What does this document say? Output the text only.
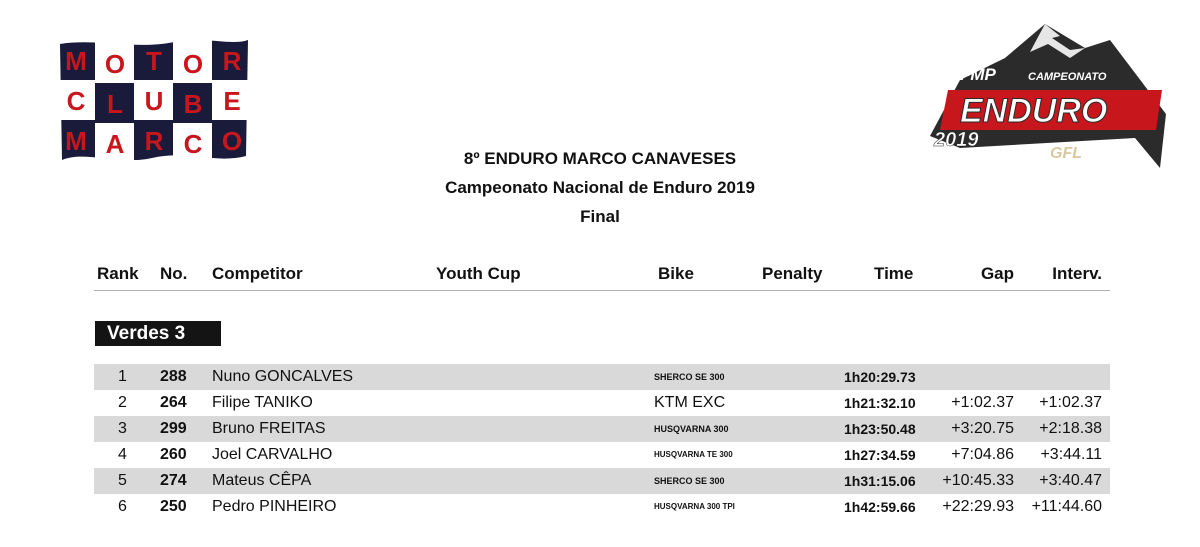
M O T O R
C L U B E
M A R C O
FMP	CAMPEONATO
ENDURO
2019
GFL
8º ENDURO MARCO CANAVESES
Campeonato Nacional de Enduro 2019
Final
Rank No. Competitor	Youth Cup	Bike	Penalty	Time	Gap Interv.
Verdes 3
1 288 Nuno GONCALVES	SHERCO SE 300	1h20:29.73
2 264 Filipe TANIKO	KTM EXC	1h21:32.10 +1:02.37 +1:02.37
3 299 Bruno FREITAS	HUSQVARNA 300	1h23:50.48 +3:20.75 +2:18.38
4 260 Joel CARVALHO	HUSQVARNA TE 300	1h27:34.59 +7:04.86 +3:44.11
5 274 Mateus CÊPA	SHERCO SE 300	1h31:15.06 +10:45.33 +3:40.47
6 250 Pedro PINHEIRO	HUSQVARNA 300 TPI	1h42:59.66 +22:29.93 +11:44.60
